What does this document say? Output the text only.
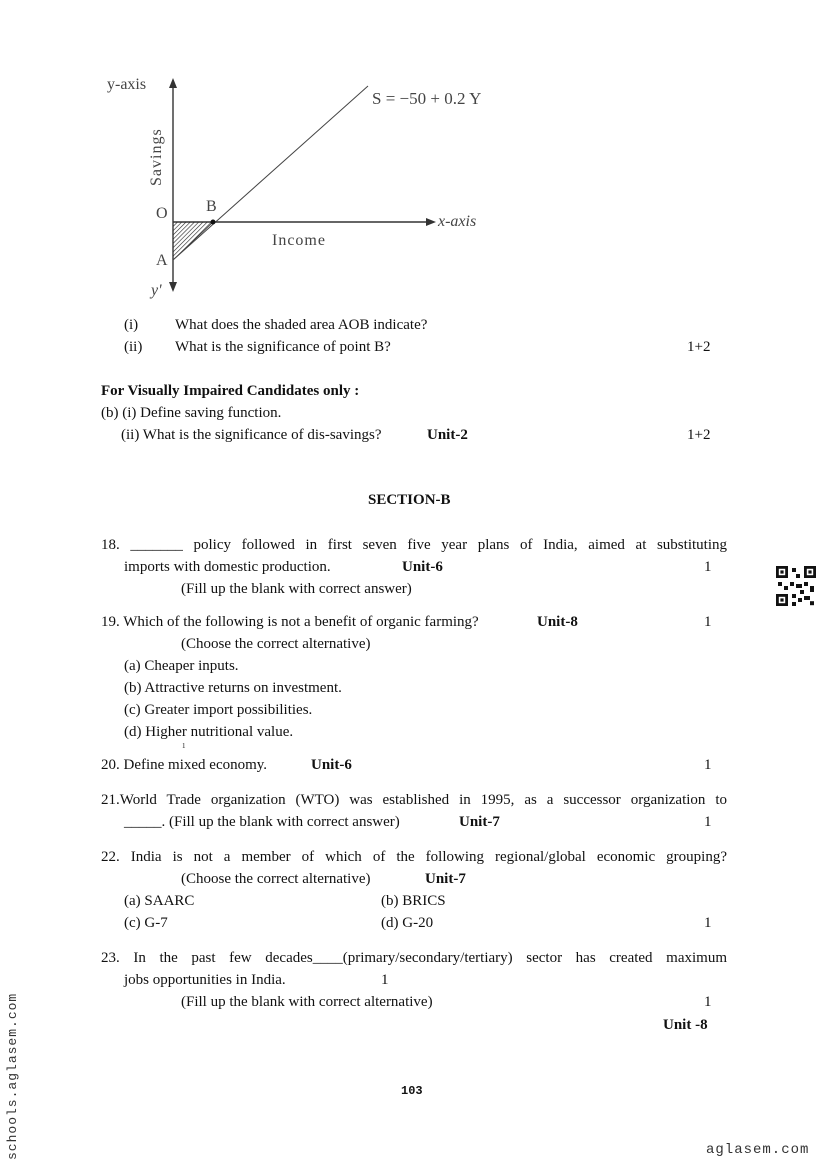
y-axis
Savings
O B
A
x-axis
Income
y'
S = −50 + 0.2 Y
(i) What does the shaded area AOB indicate?
(ii) What is the significance of point B?	1+2
For Visually Impaired Candidates only :
(b) (i) Define saving function.
(ii) What is the significance of dis-savings?	Unit-2	1+2
SECTION-B
18. _______ policy followed in first seven five year plans of India, aimed at substituting
imports with domestic production.	Unit-6	1
(Fill up the blank with correct answer)
19. Which of the following is not a benefit of organic farming?	Unit-8	1
(Choose the correct alternative)
(a) Cheaper inputs.
(b) Attractive returns on investment.
(c) Greater import possibilities.
(d) Higher nutritional value.
1
20. Define mixed economy.	Unit-6	1
21.World Trade organization (WTO) was established in 1995, as a successor organization to
_____. (Fill up the blank with correct answer)	Unit-7	1
22. India is not a member of which of the following regional/global economic grouping?
(Choose the correct alternative)	Unit-7
(a) SAARC	(b) BRICS
(c) G-7	(d) G-20	1
23. In the past few decades____(primary/secondary/tertiary) sector has created maximum
jobs opportunities in India.	1
(Fill up the blank with correct alternative)	1
Unit -8
103
aglasem.com
schools.aglasem.com
